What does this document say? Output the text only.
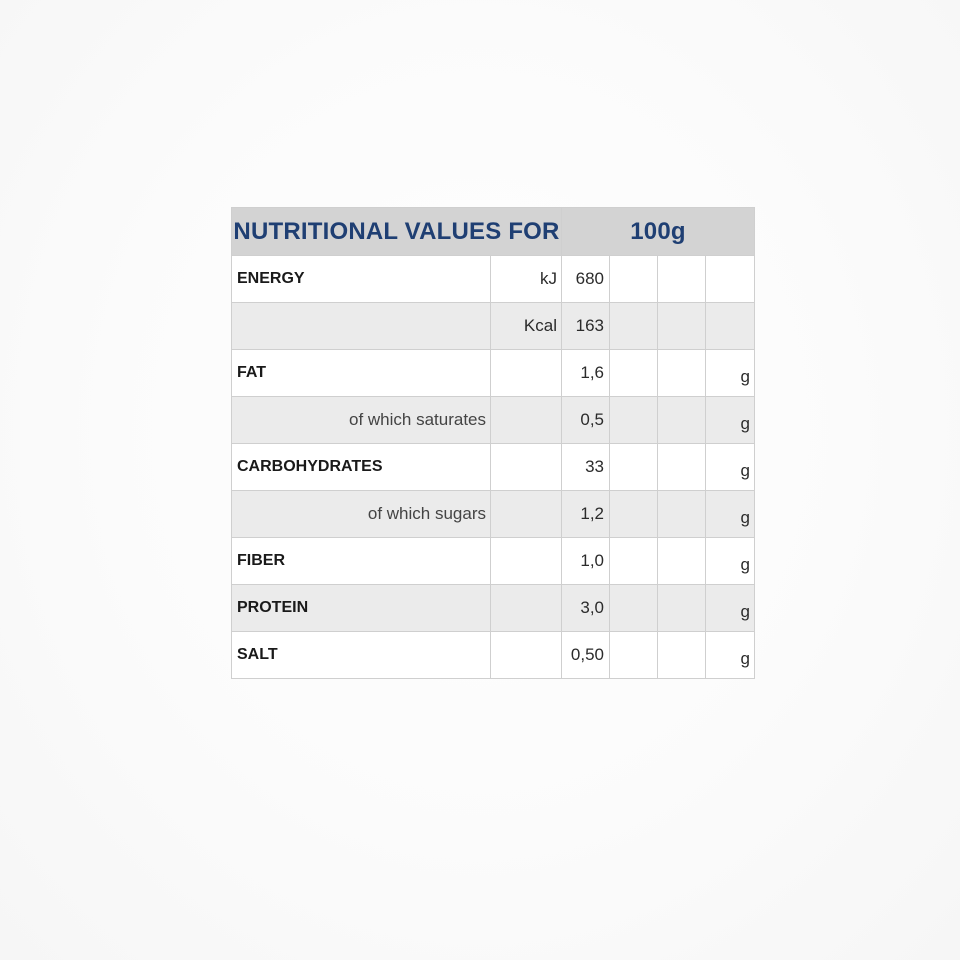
NUTRITIONAL VALUES FOR		100g			
ENERGY	kJ	680			
	Kcal	163			
FAT		1,6			g
of which saturates		0,5			g
CARBOHYDRATES		33			g
of which sugars		1,2			g
FIBER		1,0			g
PROTEIN		3,0			g
SALT		0,50			g
